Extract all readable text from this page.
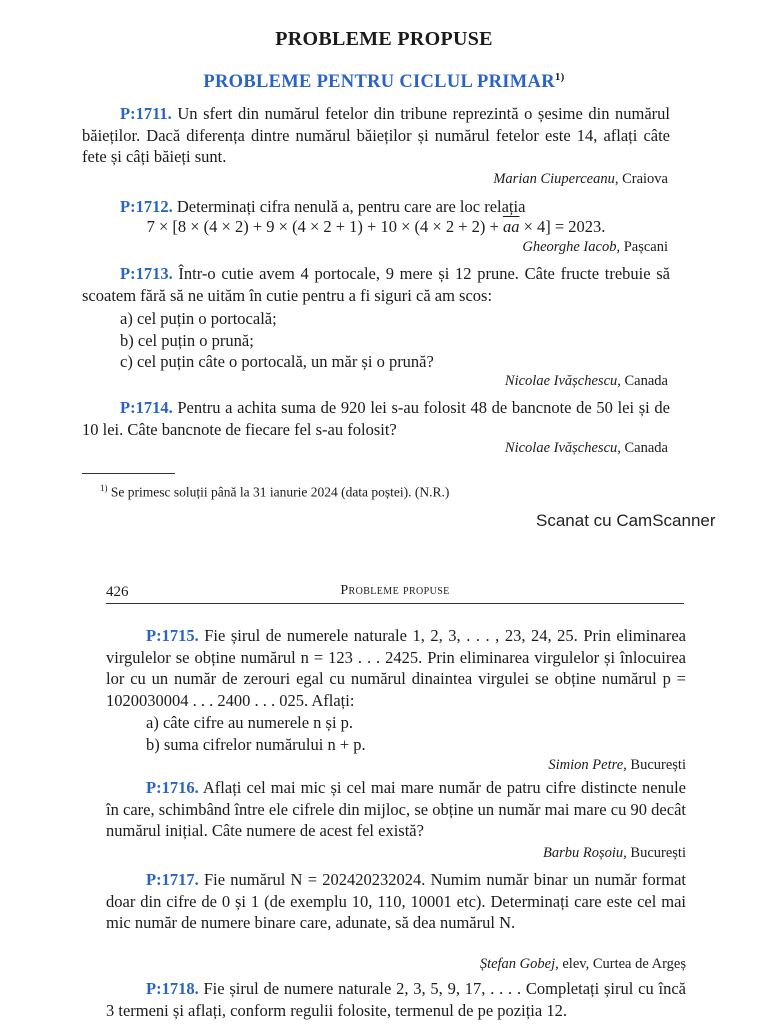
PROBLEME PROPUSE
PROBLEME PENTRU CICLUL PRIMAR$^{1)}$
P:1711. Un sfert din numărul fetelor din tribune reprezintă o șesime din numărul băieților. Dacă diferența dintre numărul băieților și numărul fetelor este 14, aflați câte fete și câți băieți sunt.
Marian Ciuperceanu, Craiova
P:1712. Determinați cifra nenulă a, pentru care are loc relația
$7 \times [8 \times (4 \times 2) + 9 \times (4 \times 2 + 1) + 10 \times (4 \times 2 + 2) + \overline{aa} \times 4] = 2023$.
Gheorghe Iacob, Pașcani
P:1713. Într-o cutie avem 4 portocale, 9 mere și 12 prune. Câte fructe trebuie să scoatem fără să ne uităm în cutie pentru a fi siguri că am scos:
a) cel puțin o portocală;
b) cel puțin o prună;
c) cel puțin câte o portocală, un măr și o prună?
Nicolae Ivășchescu, Canada
P:1714. Pentru a achita suma de 920 lei s-au folosit 48 de bancnote de 50 lei și de 10 lei. Câte bancnote de fiecare fel s-au folosit?
Nicolae Ivășchescu, Canada
$^{1)}$ Se primesc soluții până la 31 ianurie 2024 (data poștei). (N.R.)
Scanat cu CamScanner
426	Probleme propuse
P:1715. Fie șirul de numerele naturale 1, 2, 3, . . . , 23, 24, 25. Prin eliminarea virgulelor se obține numărul n = 123 . . . 2425. Prin eliminarea virgulelor și înlocuirea lor cu un număr de zerouri egal cu numărul dinaintea virgulei se obține numărul p = 1020030004 . . . 2400 . . . 025. Aflați:
a) câte cifre au numerele n și p.
b) suma cifrelor numărului n + p.
Simion Petre, București
P:1716. Aflați cel mai mic și cel mai mare număr de patru cifre distincte nenule în care, schimbând între ele cifrele din mijloc, se obține un număr mai mare cu 90 decât numărul inițial. Câte numere de acest fel există?
Barbu Roșoiu, București
P:1717. Fie numărul N = 202420232024. Numim număr binar un număr format doar din cifre de 0 și 1 (de exemplu 10, 110, 10001 etc). Determinați care este cel mai mic număr de numere binare care, adunate, să dea numărul N.
Ștefan Gobej, elev, Curtea de Argeș
P:1718. Fie șirul de numere naturale 2, 3, 5, 9, 17, . . . . Completați șirul cu încă 3 termeni și aflați, conform regulii folosite, termenul de pe poziția 12.
